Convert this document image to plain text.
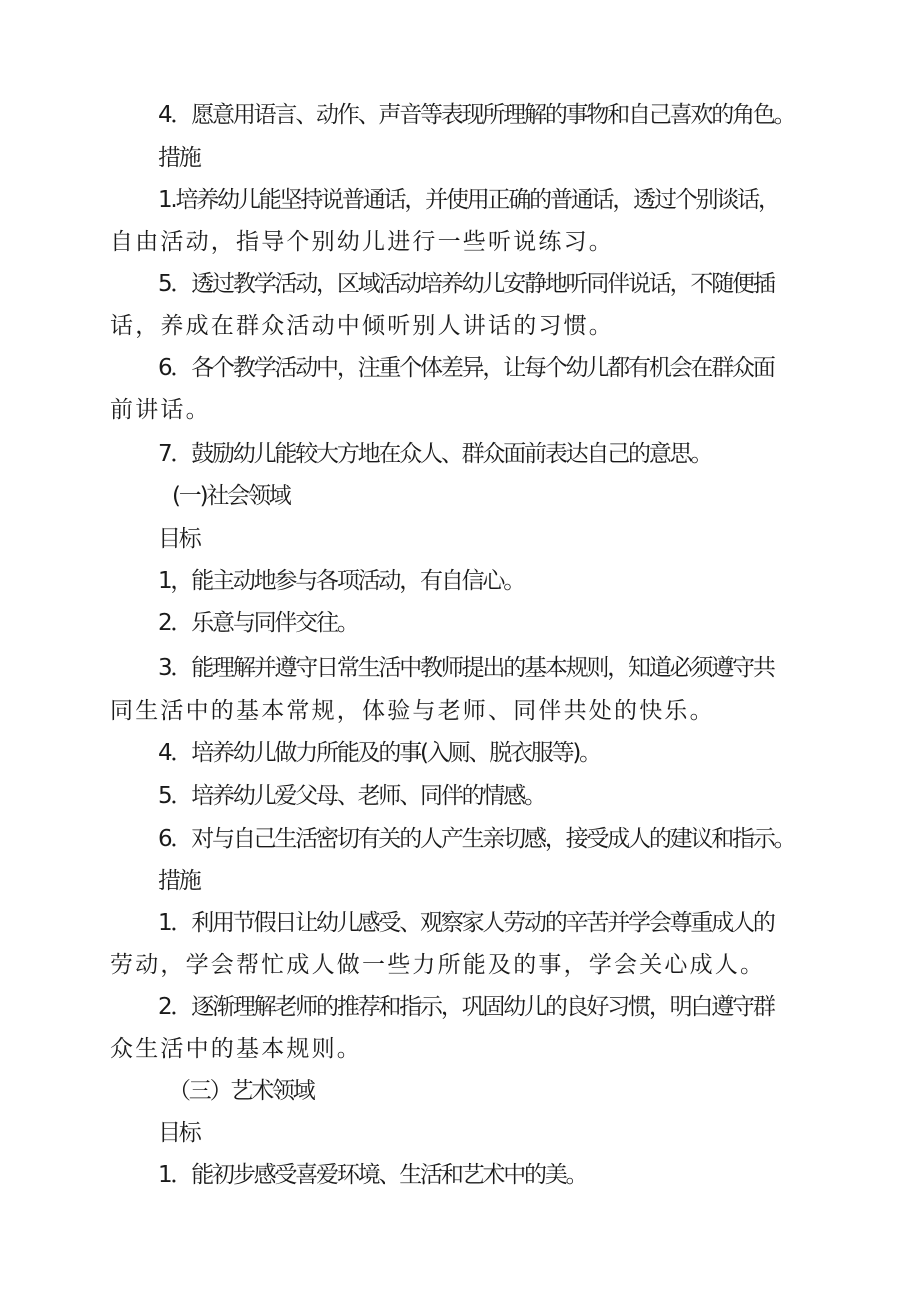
4．愿意用语言、动作、声音等表现所理解的事物和自己喜欢的角色。
措施
1.培养幼儿能坚持说普通话，并使用正确的普通话，透过个别谈话，
自由活动，指导个别幼儿进行一些听说练习。
5．透过教学活动，区域活动培养幼儿安静地听同伴说话，不随便插
话，养成在群众活动中倾听别人讲话的习惯。
6．各个教学活动中，注重个体差异，让每个幼儿都有机会在群众面
前讲话。
7．鼓励幼儿能较大方地在众人、群众面前表达自己的意思。
(一)社会领域
目标
1，能主动地参与各项活动，有自信心。
2．乐意与同伴交往。
3．能理解并遵守日常生活中教师提出的基本规则，知道必须遵守共
同生活中的基本常规，体验与老师、同伴共处的快乐。
4．培养幼儿做力所能及的事(入厕、脱衣服等)。
5．培养幼儿爱父母、老师、同伴的情感。
6．对与自己生活密切有关的人产生亲切感，接受成人的建议和指示。
措施
1．利用节假日让幼儿感受、观察家人劳动的辛苦并学会尊重成人的
劳动，学会帮忙成人做一些力所能及的事，学会关心成人。
2．逐渐理解老师的推荐和指示，巩固幼儿的良好习惯，明白遵守群
众生活中的基本规则。
（三）艺术领域
目标
1．能初步感受喜爱环境、生活和艺术中的美。
